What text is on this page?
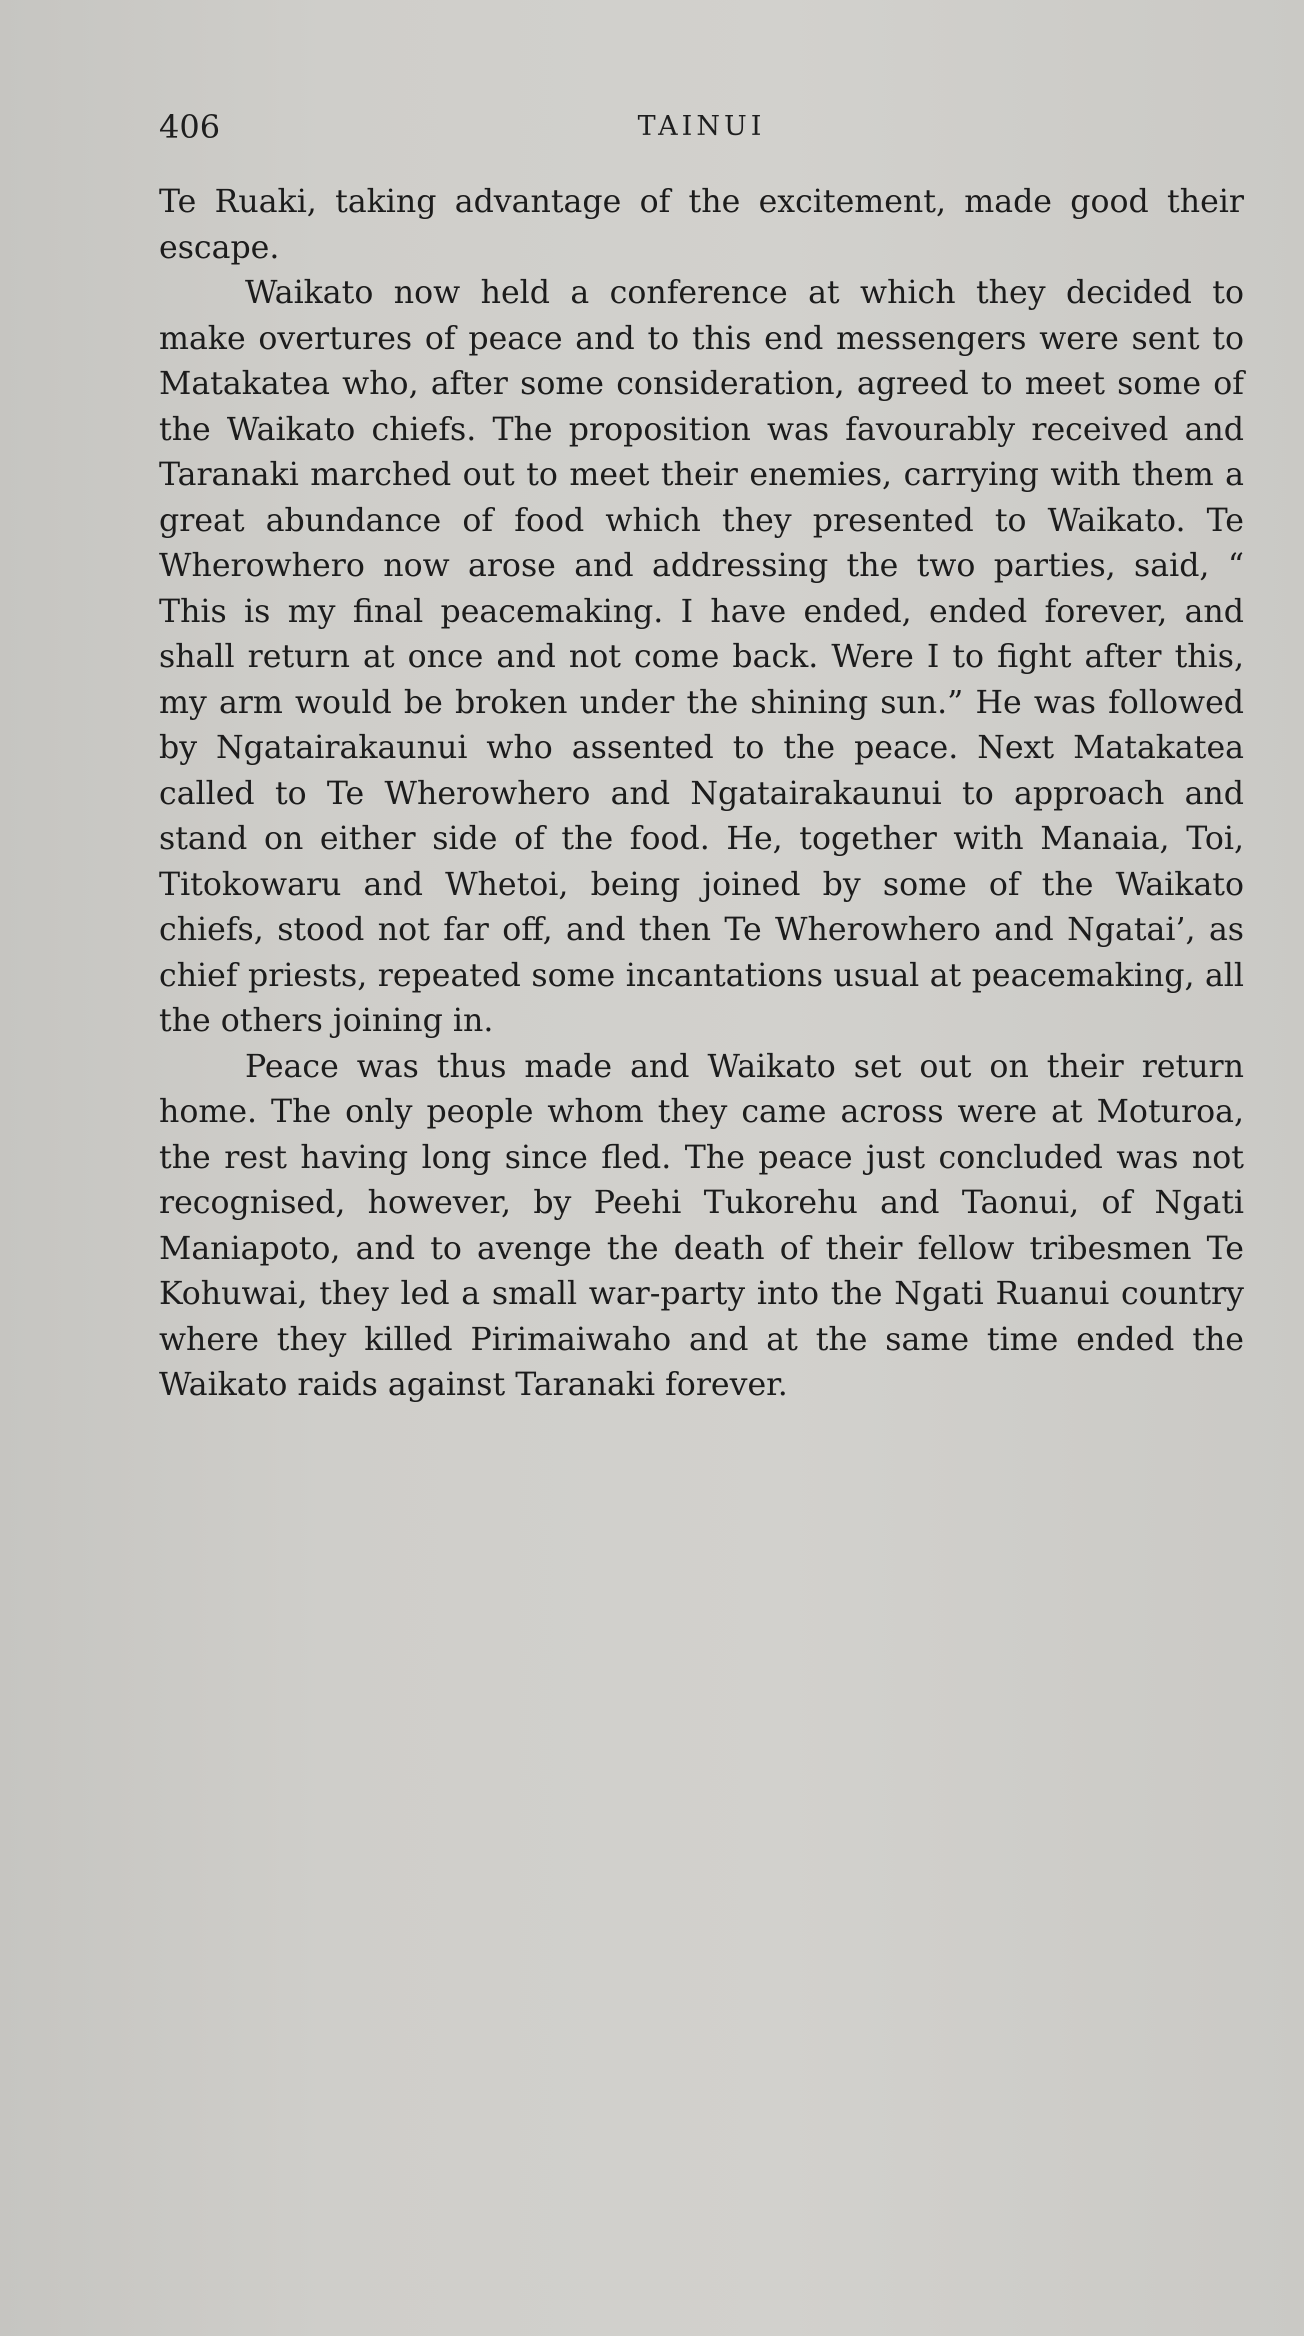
406	TAINUI

Te Ruaki, taking advantage of the excitement, made good their escape.

Waikato now held a conference at which they decided to make overtures of peace and to this end messengers were sent to Matakatea who, after some consideration, agreed to meet some of the Waikato chiefs. The proposition was favourably received and Taranaki marched out to meet their enemies, carrying with them a great abundance of food which they presented to Waikato. Te Wherowhero now arose and addressing the two parties, said, “ This is my final peacemaking. I have ended, ended forever, and shall return at once and not come back. Were I to fight after this, my arm would be broken under the shining sun.” He was followed by Ngatairakaunui who assented to the peace. Next Matakatea called to Te Wherowhero and Ngatairakaunui to approach and stand on either side of the food. He, together with Manaia, Toi, Titokowaru and Whetoi, being joined by some of the Waikato chiefs, stood not far off, and then Te Wherowhero and Ngatai’, as chief priests, repeated some incantations usual at peacemaking, all the others joining in.

Peace was thus made and Waikato set out on their return home. The only people whom they came across were at Moturoa, the rest having long since fled. The peace just concluded was not recognised, however, by Peehi Tukorehu and Taonui, of Ngati Maniapoto, and to avenge the death of their fellow tribesmen Te Kohuwai, they led a small war-party into the Ngati Ruanui country where they killed Pirimaiwaho and at the same time ended the Waikato raids against Taranaki forever.
